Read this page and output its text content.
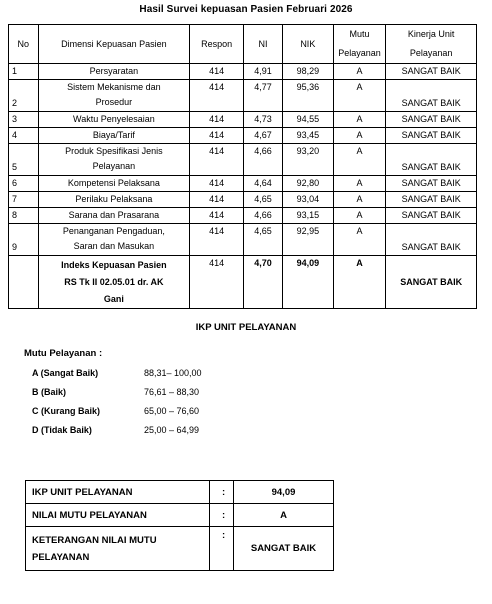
Hasil Survei kepuasan Pasien Februari 2026
No	Dimensi Kepuasan Pasien	Respon	NI	NIK	Mutu
Pelayanan	Kinerja Unit
Pelayanan
1	Persyaratan	414	4,91	98,29	A	SANGAT BAIK
2	Sistem Mekanisme dan
Prosedur	414	4,77	95,36	A	SANGAT BAIK
3	Waktu Penyelesaian	414	4,73	94,55	A	SANGAT BAIK
4	Biaya/Tarif	414	4,67	93,45	A	SANGAT BAIK
5	Produk Spesifikasi Jenis
Pelayanan	414	4,66	93,20	A	SANGAT BAIK
6	Kompetensi Pelaksana	414	4,64	92,80	A	SANGAT BAIK
7	Perilaku Pelaksana	414	4,65	93,04	A	SANGAT BAIK
8	Sarana dan Prasarana	414	4,66	93,15	A	SANGAT BAIK
9	Penanganan Pengaduan,
Saran dan Masukan	414	4,65	92,95	A	SANGAT BAIK
	Indeks Kepuasan Pasien
RS Tk II 02.05.01 dr. AK
Gani	414	4,70	94,09	A	SANGAT BAIK
IKP UNIT PELAYANAN
Mutu Pelayanan :
A (Sangat Baik)	88,31– 100,00
B (Baik)	76,61 – 88,30
C (Kurang Baik)	65,00 – 76,60
D (Tidak Baik)	25,00 – 64,99
IKP UNIT PELAYANAN	:	94,09
NILAI MUTU PELAYANAN	:	A
KETERANGAN NILAI MUTU
PELAYANAN	:	SANGAT BAIK
